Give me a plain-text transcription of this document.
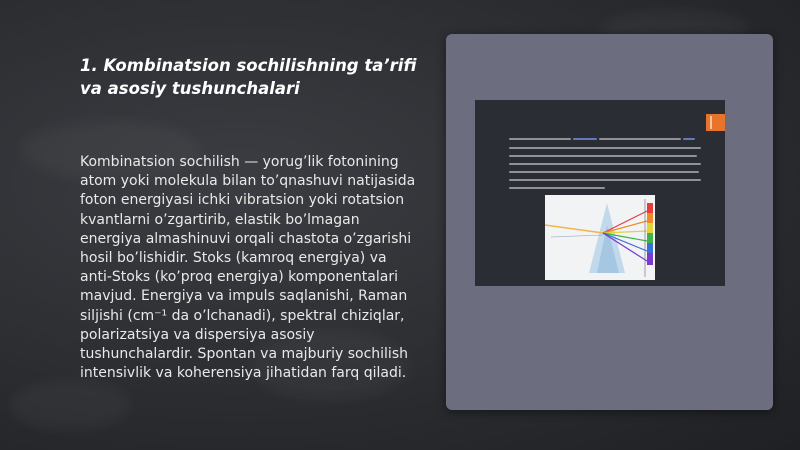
1. Kombinatsion sochilishning ta’rifi va asosiy tushunchalari
Kombinatsion sochilish — yorug’lik fotonining atom yoki molekula bilan to’qnashuvi natijasida foton energiyasi ichki vibratsion yoki rotatsion kvantlarni o’zgartirib, elastik bo’lmagan energiya almashinuvi orqali chastota o’zgarishi hosil bo’lishidir. Stoks (kamroq energiya) va anti-Stoks (ko’proq energiya) komponentalari mavjud. Energiya va impuls saqlanishi, Raman siljishi (cm⁻¹ da o’lchanadi), spektral chiziqlar, polarizatsiya va dispersiya asosiy tushunchalardir. Spontan va majburiy sochilish intensivlik va koherensiya jihatidan farq qiladi.
